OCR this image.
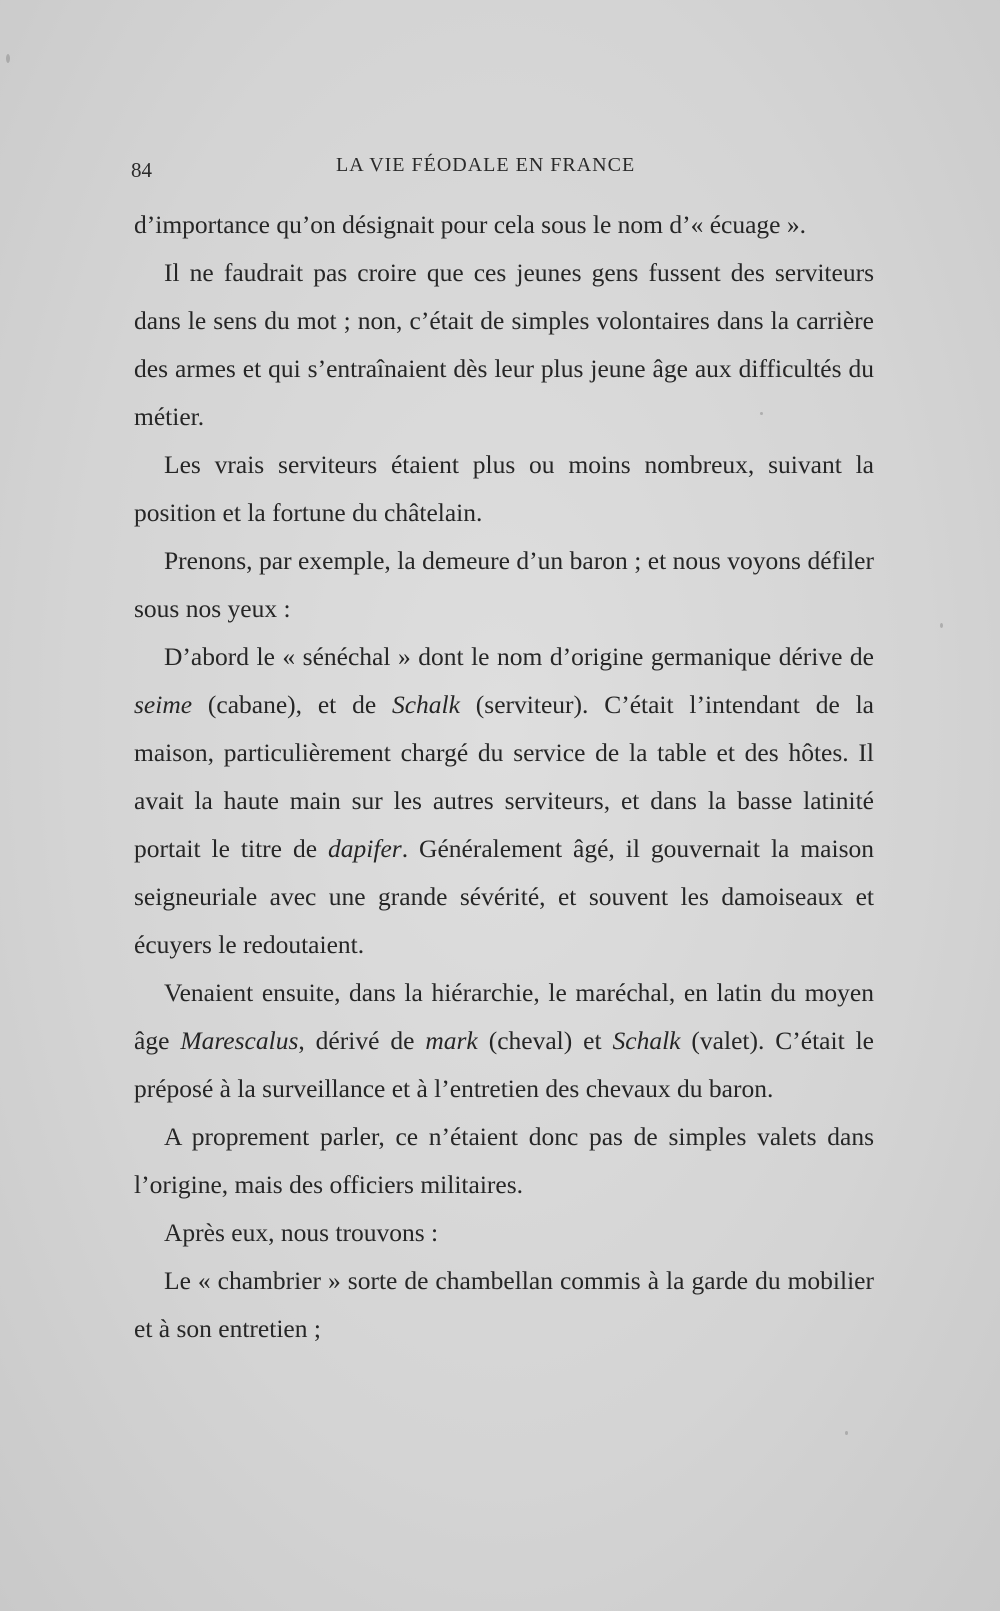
84	LA VIE FÉODALE EN FRANCE

d’importance qu’on désignait pour cela sous le nom d’« écuage ».

Il ne faudrait pas croire que ces jeunes gens fussent des serviteurs dans le sens du mot ; non, c’était de simples volontaires dans la carrière des armes et qui s’entraînaient dès leur plus jeune âge aux difficultés du métier.

Les vrais serviteurs étaient plus ou moins nombreux, suivant la position et la fortune du châtelain.

Prenons, par exemple, la demeure d’un baron ; et nous voyons défiler sous nos yeux :

D’abord le « sénéchal » dont le nom d’origine germanique dérive de seime (cabane), et de Schalk (serviteur). C’était l’intendant de la maison, particulièrement chargé du service de la table et des hôtes. Il avait la haute main sur les autres serviteurs, et dans la basse latinité portait le titre de dapifer. Généralement âgé, il gouvernait la maison seigneuriale avec une grande sévérité, et souvent les damoiseaux et écuyers le redoutaient.

Venaient ensuite, dans la hiérarchie, le maréchal, en latin du moyen âge Marescalus, dérivé de mark (cheval) et Schalk (valet). C’était le préposé à la surveillance et à l’entretien des chevaux du baron.

A proprement parler, ce n’étaient donc pas de simples valets dans l’origine, mais des officiers militaires.

Après eux, nous trouvons :

Le « chambrier » sorte de chambellan commis à la garde du mobilier et à son entretien ;
